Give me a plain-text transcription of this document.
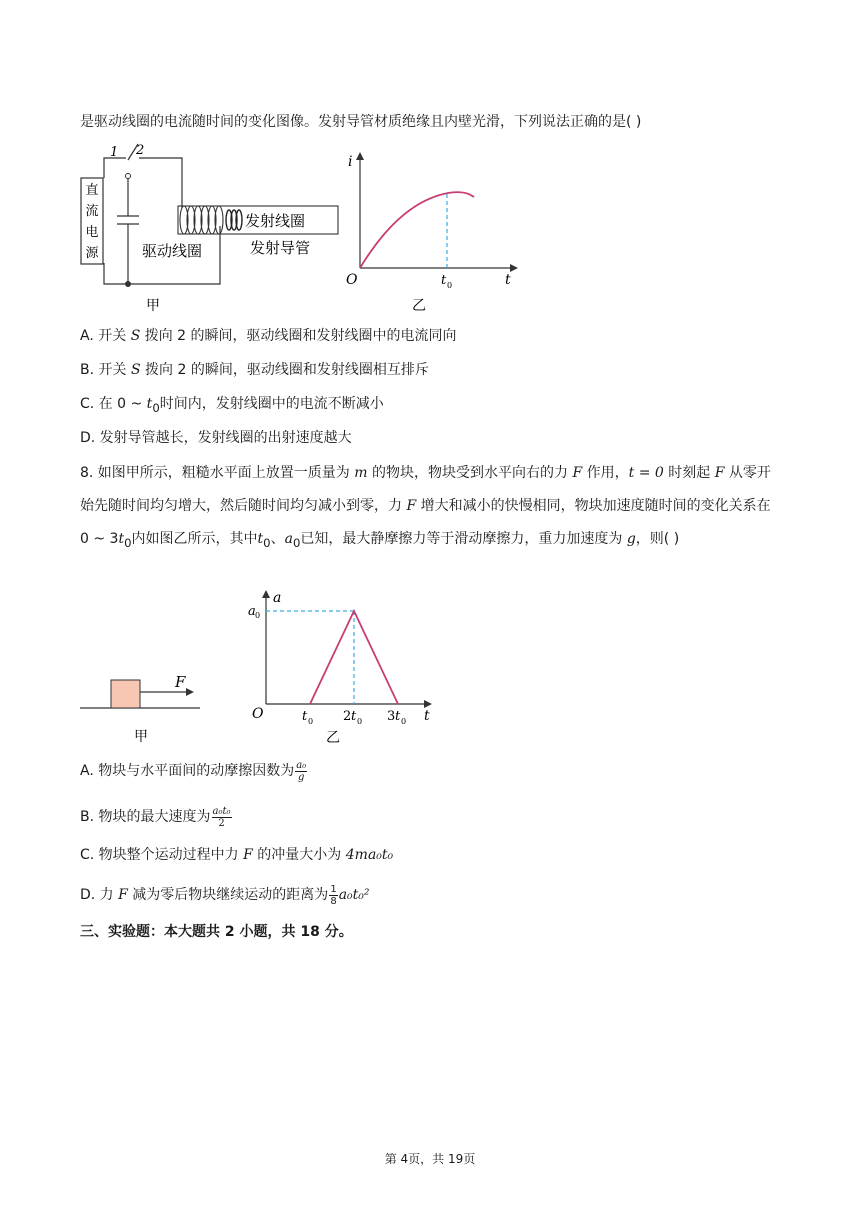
是驱动线圈的电流随时间的变化图像。发射导管材质绝缘且内壁光滑，下列说法正确的是( )
直
流
电
源
1 2
发射线圈
驱动线圈	发射导管
甲
i
t
O	t 0
乙
A. 开关 S 拨向 2 的瞬间，驱动线圈和发射线圈中的电流同向
B. 开关 S 拨向 2 的瞬间，驱动线圈和发射线圈相互排斥
C. 在 0 ~ $t_0$时间内，发射线圈中的电流不断减小
D. 发射导管越长，发射线圈的出射速度越大
8. 如图甲所示，粗糙水平面上放置一质量为 m 的物块，物块受到水平向右的力 F 作用，t = 0 时刻起 F 从零开始先随时间均匀增大，然后随时间均匀减小到零，力 F 增大和减小的快慢相同，物块加速度随时间的变化关系在 0 ~ $3t_0$内如图乙所示，其中$t_0$、$a_0$已知，最大静摩擦力等于滑动摩擦力，重力加速度为 g，则( )
F
甲
a
a 0
t
O	t 0 2 t 0 3 t 0
乙
A. 物块与水平面间的动摩擦因数为 $\frac{\text{a₀}}{g}$
B. 物块的最大速度为 $\frac{\text{a₀t₀}}{2}$
C. 物块整个运动过程中力 F 的冲量大小为 4ma₀t₀
D. 力 F 减为零后物块继续运动的距离为 $\frac{1}{8} a_0t_0^2$
三、实验题：本大题共 2 小题，共 18 分。
第 4页，共 19页
